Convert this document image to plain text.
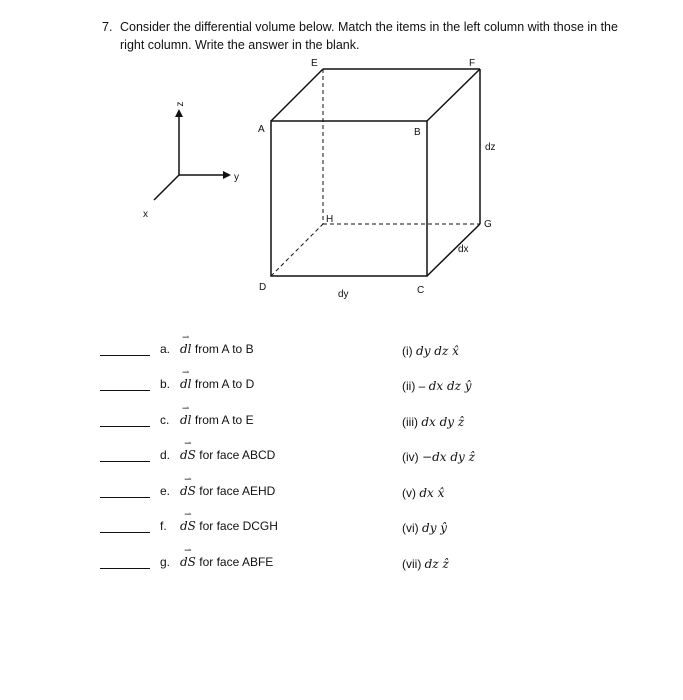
7. Consider the differential volume below. Match the items in the left column with those in the right column. Write the answer in the blank.
z
y
x
A	B
C
D
E	F
G
H
dx
dy
dz
a.
⇀
dl from A to B
b.
⇀
dl from A to D
c.
⇀
dl from A to E
d.
⇀
dS for face ABCD
e.
⇀
dS for face AEHD
f.
⇀
dS for face DCGH
g.
⇀
dS for face ABFE
(i) dy dz x̂
(ii) – dx dz ŷ
(iii) dx dy ẑ
(iv) −dx dy ẑ
(v) dx x̂
(vi) dy ŷ
(vii) dz ẑ
